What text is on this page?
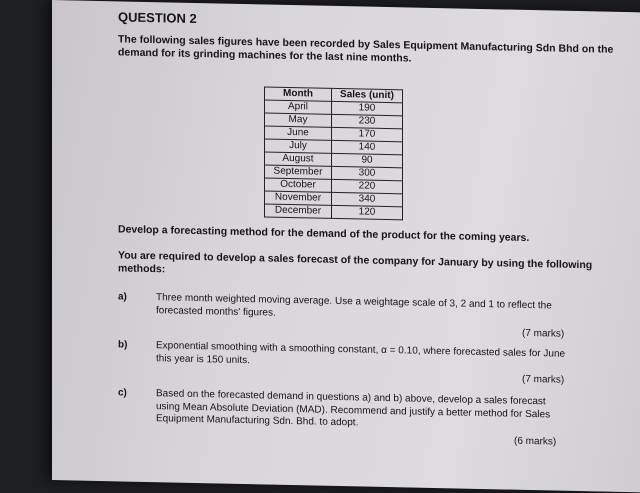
QUESTION 2
The following sales figures have been recorded by Sales Equipment Manufacturing Sdn Bhd on the demand for its grinding machines for the last nine months.
Month	Sales (unit)
April	190
May	230
June	170
July	140
August	90
September	300
October	220
November	340
December	120
Develop a forecasting method for the demand of the product for the coming years.
You are required to develop a sales forecast of the company for January by using the following methods:
a)	Three month weighted moving average. Use a weightage scale of 3, 2 and 1 to reflect the forecasted months' figures.
(7 marks)
b)	Exponential smoothing with a smoothing constant, α = 0.10, where forecasted sales for June this year is 150 units.
(7 marks)
c)	Based on the forecasted demand in questions a) and b) above, develop a sales forecast using Mean Absolute Deviation (MAD). Recommend and justify a better method for Sales Equipment Manufacturing Sdn. Bhd. to adopt.
(6 marks)
